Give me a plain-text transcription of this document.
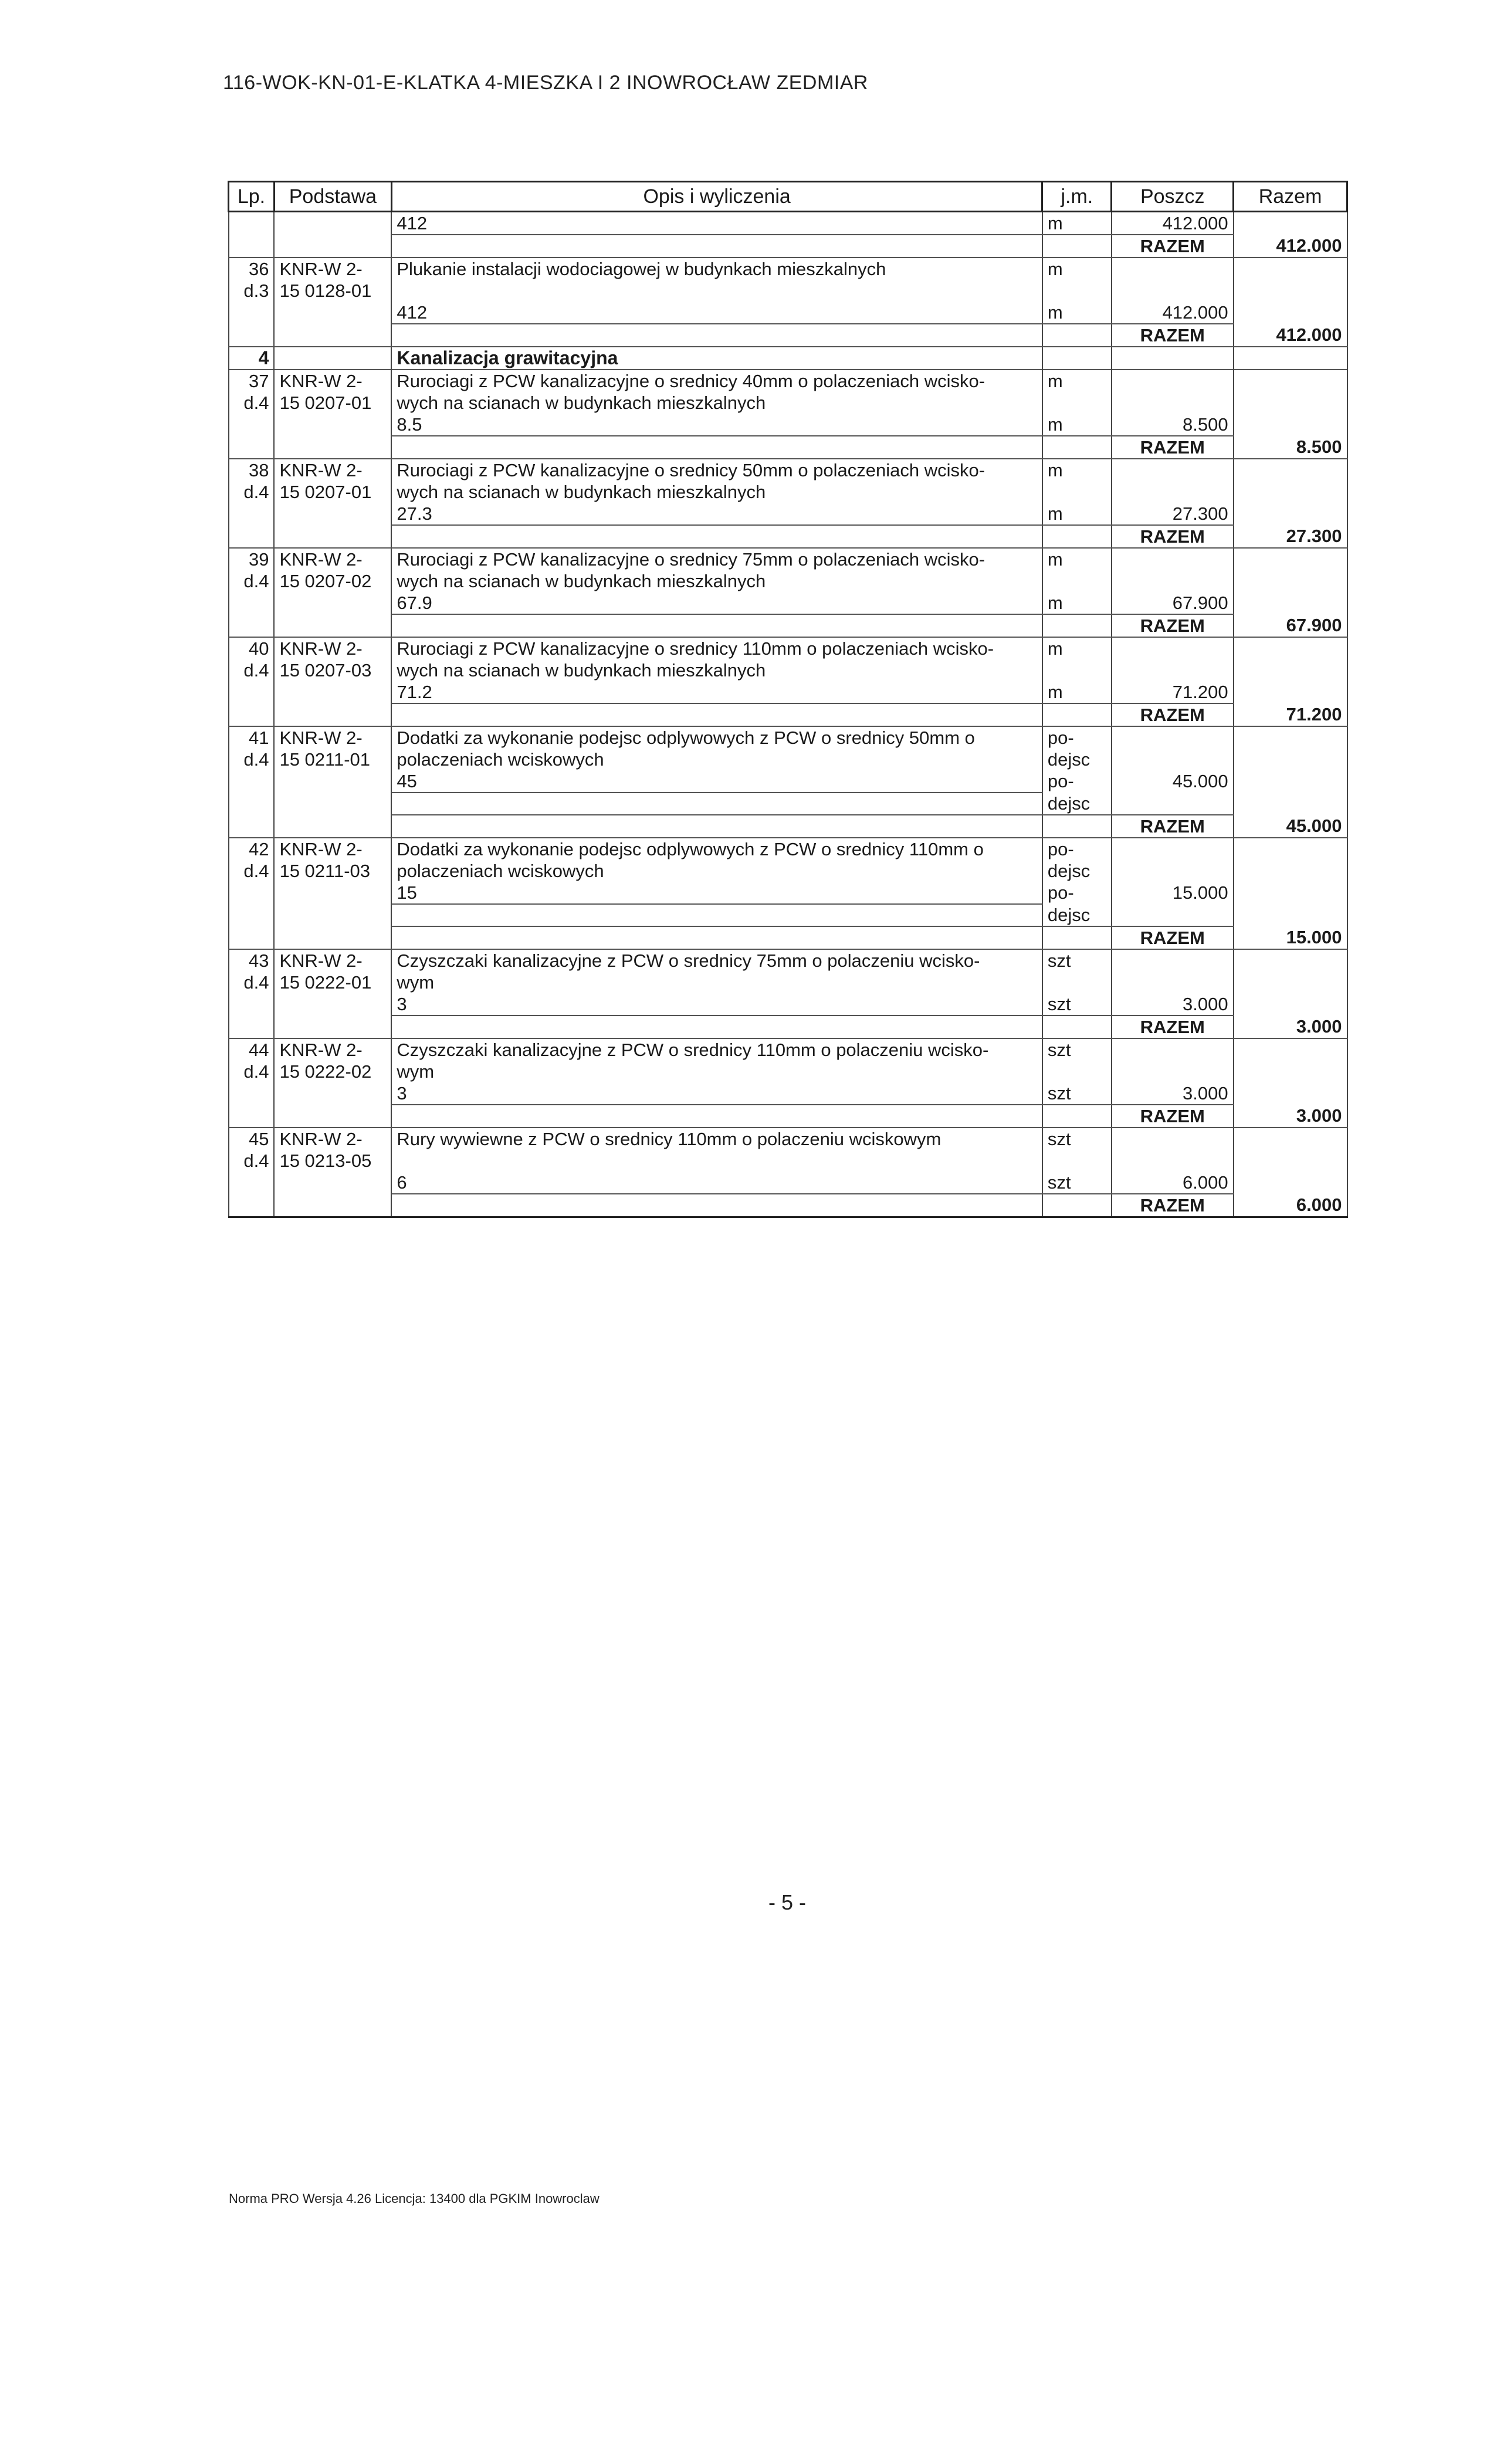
116-WOK-KN-01-E-KLATKA 4-MIESZKA I 2 INOWROCŁAW ZEDMIAR
Lp.	Podstawa	Opis i wyliczenia	j.m.	Poszcz	Razem
		412	m	412.000	
				RAZEM	412.000
36	KNR-W 2-	Plukanie instalacji wodociagowej w budynkach mieszkalnych	m		
d.3	15 0128-01				
		412	m	412.000	
				RAZEM	412.000
4		Kanalizacja grawitacyjna			
37	KNR-W 2-	Rurociagi z PCW kanalizacyjne o srednicy 40mm o polaczeniach wcisko-	m		
d.4	15 0207-01	wych na scianach w budynkach mieszkalnych			
		8.5	m	8.500	
				RAZEM	8.500
38	KNR-W 2-	Rurociagi z PCW kanalizacyjne o srednicy 50mm o polaczeniach wcisko-	m		
d.4	15 0207-01	wych na scianach w budynkach mieszkalnych			
		27.3	m	27.300	
				RAZEM	27.300
39	KNR-W 2-	Rurociagi z PCW kanalizacyjne o srednicy 75mm o polaczeniach wcisko-	m		
d.4	15 0207-02	wych na scianach w budynkach mieszkalnych			
		67.9	m	67.900	
				RAZEM	67.900
40	KNR-W 2-	Rurociagi z PCW kanalizacyjne o srednicy 110mm o polaczeniach wcisko-	m		
d.4	15 0207-03	wych na scianach w budynkach mieszkalnych			
		71.2	m	71.200	
				RAZEM	71.200
41	KNR-W 2-	Dodatki za wykonanie podejsc odplywowych z PCW o srednicy 50mm o	po-		
d.4	15 0211-01	polaczeniach wciskowych	dejsc		
		45	po-	45.000	
			dejsc		
				RAZEM	45.000
42	KNR-W 2-	Dodatki za wykonanie podejsc odplywowych z PCW o srednicy 110mm o	po-		
d.4	15 0211-03	polaczeniach wciskowych	dejsc		
		15	po-	15.000	
			dejsc		
				RAZEM	15.000
43	KNR-W 2-	Czyszczaki kanalizacyjne z PCW o srednicy 75mm o polaczeniu wcisko-	szt		
d.4	15 0222-01	wym			
		3	szt	3.000	
				RAZEM	3.000
44	KNR-W 2-	Czyszczaki kanalizacyjne z PCW o srednicy 110mm o polaczeniu wcisko-	szt		
d.4	15 0222-02	wym			
		3	szt	3.000	
				RAZEM	3.000
45	KNR-W 2-	Rury wywiewne z PCW o srednicy 110mm o polaczeniu wciskowym	szt		
d.4	15 0213-05				
		6	szt	6.000	
				RAZEM	6.000
- 5 -
Norma PRO Wersja 4.26 Licencja: 13400 dla PGKIM Inowroclaw
